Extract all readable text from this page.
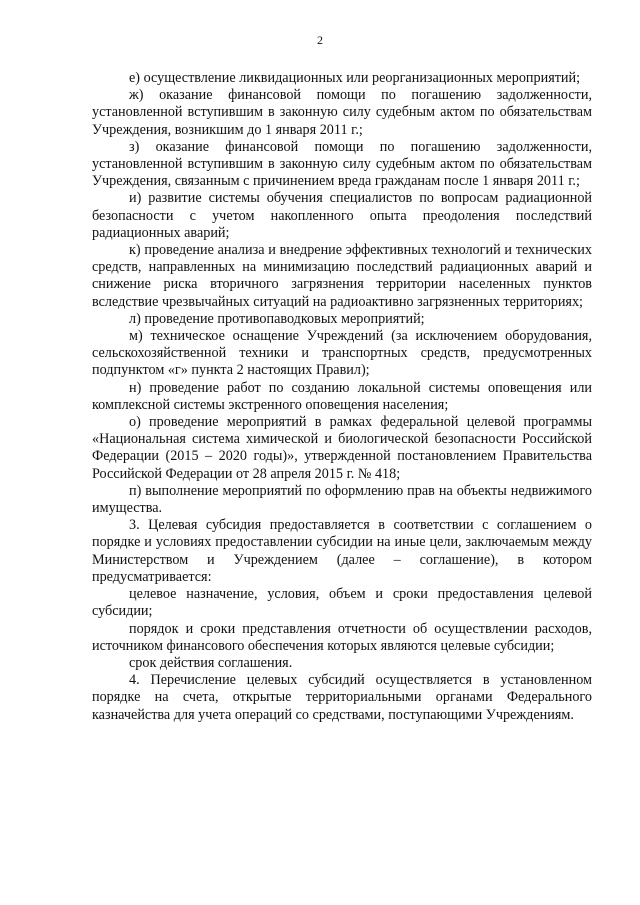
2

е) осуществление ликвидационных или реорганизационных мероприятий;

ж) оказание финансовой помощи по погашению задолженности, установленной вступившим в законную силу судебным актом по обязательствам Учреждения, возникшим до 1 января 2011 г.;

з) оказание финансовой помощи по погашению задолженности, установленной вступившим в законную силу судебным актом по обязательствам Учреждения, связанным с причинением вреда гражданам после 1 января 2011 г.;

и) развитие системы обучения специалистов по вопросам радиационной безопасности с учетом накопленного опыта преодоления последствий радиационных аварий;

к) проведение анализа и внедрение эффективных технологий и технических средств, направленных на минимизацию последствий радиационных аварий и снижение риска вторичного загрязнения территории населенных пунктов вследствие чрезвычайных ситуаций на радиоактивно загрязненных территориях;

л) проведение противопаводковых мероприятий;

м) техническое оснащение Учреждений (за исключением оборудования, сельскохозяйственной техники и транспортных средств, предусмотренных подпунктом «г» пункта 2 настоящих Правил);

н) проведение работ по созданию локальной системы оповещения или комплексной системы экстренного оповещения населения;

о) проведение мероприятий в рамках федеральной целевой программы «Национальная система химической и биологической безопасности Российской Федерации (2015 – 2020 годы)», утвержденной постановлением Правительства Российской Федерации от 28 апреля 2015 г. № 418;

п) выполнение мероприятий по оформлению прав на объекты недвижимого имущества.

3. Целевая субсидия предоставляется в соответствии с соглашением о порядке и условиях предоставлении субсидии на иные цели, заключаемым между Министерством и Учреждением (далее – соглашение), в котором предусматривается:

целевое назначение, условия, объем и сроки предоставления целевой субсидии;

порядок и сроки представления отчетности об осуществлении расходов, источником финансового обеспечения которых являются целевые субсидии;

срок действия соглашения.

4. Перечисление целевых субсидий осуществляется в установленном порядке на счета, открытые территориальными органами Федерального казначейства для учета операций со средствами, поступающими Учреждениям.
